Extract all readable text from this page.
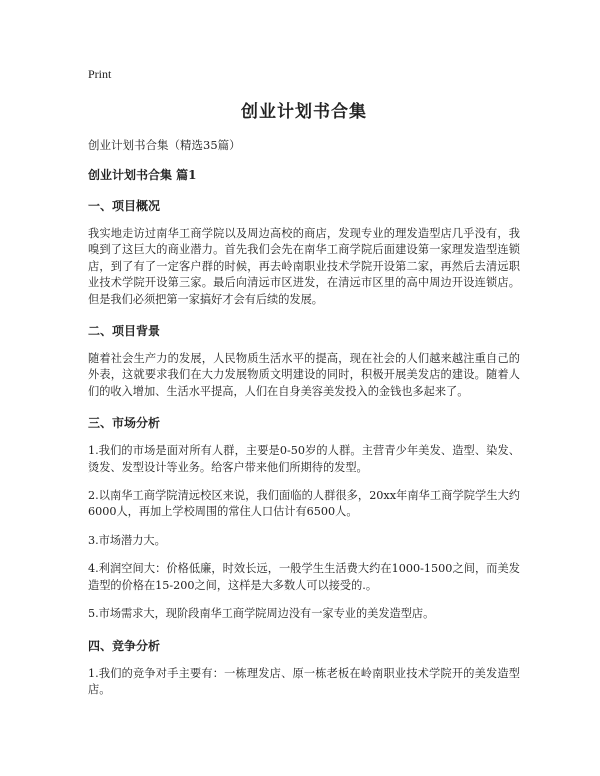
Print

创业计划书合集

创业计划书合集（精选35篇）

创业计划书合集 篇1

一、项目概况

我实地走访过南华工商学院以及周边高校的商店，发现专业的理发造型店几乎没有，我嗅到了这巨大的商业潜力。首先我们会先在南华工商学院后面建设第一家理发造型连锁店，到了有了一定客户群的时候，再去岭南职业技术学院开设第二家，再然后去清远职业技术学院开设第三家。最后向清远市区进发，在清远市区里的高中周边开设连锁店。但是我们必须把第一家搞好才会有后续的发展。

二、项目背景

随着社会生产力的发展，人民物质生活水平的提高，现在社会的人们越来越注重自己的外表，这就要求我们在大力发展物质文明建设的同时，积极开展美发店的建设。随着人们的收入增加、生活水平提高，人们在自身美容美发投入的金钱也多起来了。

三、市场分析

1.我们的市场是面对所有人群，主要是0-50岁的人群。主营青少年美发、造型、染发、烫发、发型设计等业务。给客户带来他们所期待的发型。

2.以南华工商学院清远校区来说，我们面临的人群很多，20xx年南华工商学院学生大约6000人，再加上学校周围的常住人口估计有6500人。

3.市场潜力大。

4.利润空间大：价格低廉，时效长远，一般学生生活费大约在1000-1500之间，而美发造型的价格在15-200之间，这样是大多数人可以接受的.。

5.市场需求大，现阶段南华工商学院周边没有一家专业的美发造型店。

四、竞争分析

1.我们的竞争对手主要有：一栋理发店、原一栋老板在岭南职业技术学院开的美发造型店。
